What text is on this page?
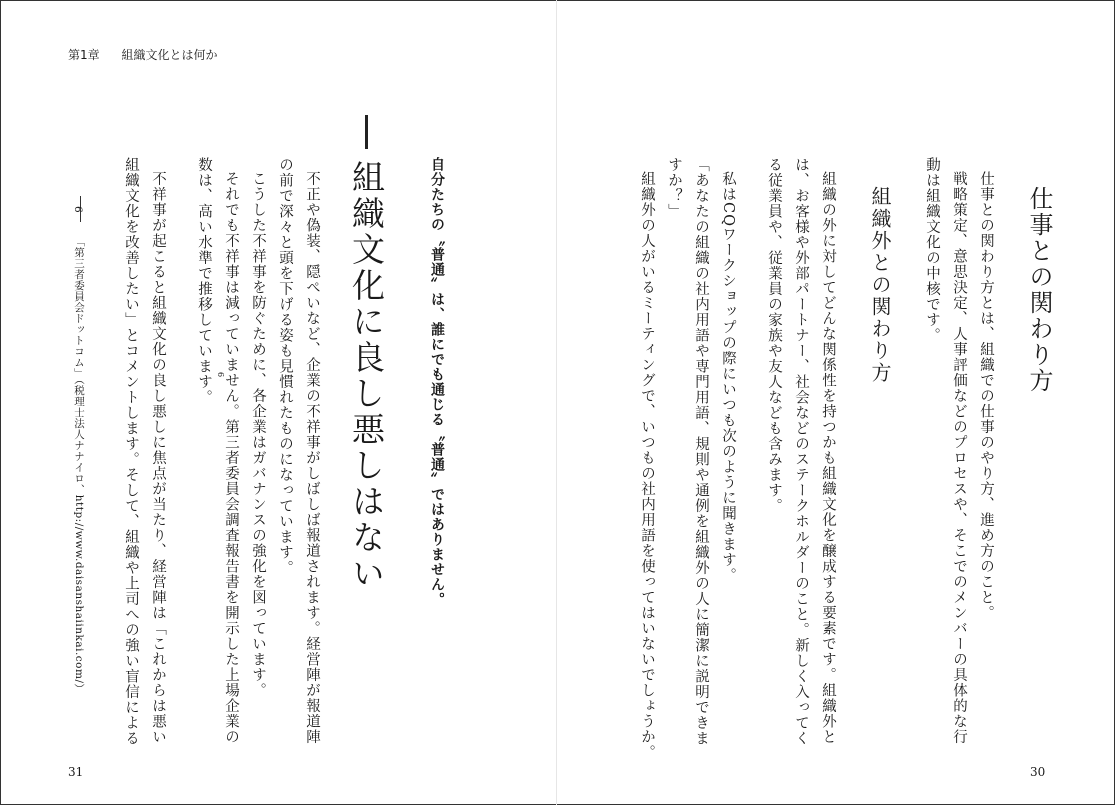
第1章 組織文化とは何か
仕事との関わり方
仕事との関わり方とは、組織での仕事のやり方、進め方のこと。
戦略策定、意思決定、人事評価などのプロセスや、そこでのメンバーの具体的な行
動は組織文化の中核です。
組織外との関わり方
組織の外に対してどんな関係性を持つかも組織文化を醸成する要素です。組織外と
は、お客様や外部パートナー、社会などのステークホルダーのこと。新しく入ってく
る従業員や、従業員の家族や友人なども含みます。
私はCQワークショップの際にいつも次のように聞きます。
「あなたの組織の社内用語や専門用語、規則や通例を組織外の人に簡潔に説明できま
すか？」
組織外の人がいるミーティングで、いつもの社内用語を使ってはいないでしょうか。
30
自分たちの〝普通〟は、誰にでも通じる〝普通〟ではありません。
組織文化に良し悪しはない
不正や偽装、隠ぺいなど、企業の不祥事がしばしば報道されます。経営陣が報道陣
の前で深々と頭を下げる姿も見慣れたものになっています。
こうした不祥事を防ぐために、各企業はガバナンスの強化を図っています。
それでも不祥事は減っていません。第三者委員会調査報告書を開示した上場企業の
数は、高い水準で推移しています。 6
不祥事が起こると組織文化の良し悪しに焦点が当たり、経営陣は「これからは悪い
組織文化を改善したい」とコメントします。そして、組織や上司への強い盲信による
6
「第三者委員会ドットコム」（税理士法人ナナイロ、http://www.daisanshaiinkai.com/）
31
